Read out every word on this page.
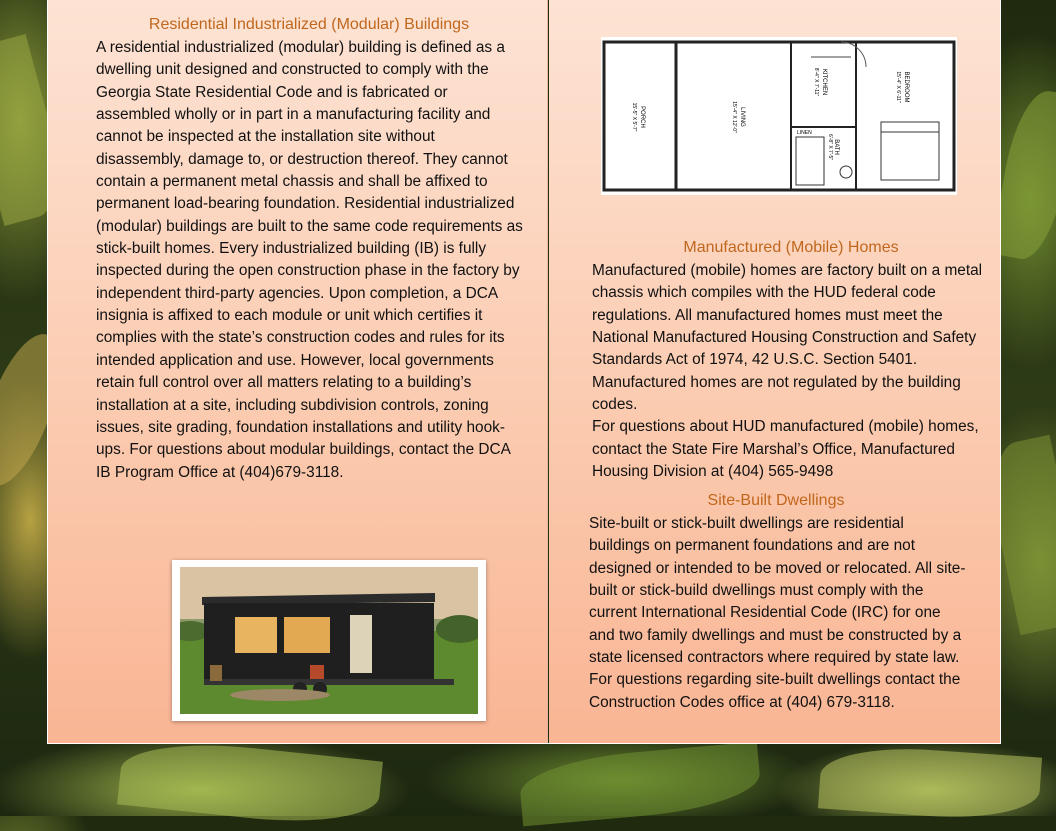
Residential Industrialized (Modular) Buildings

A residential industrialized (modular) building is defined as a dwelling unit designed and constructed to comply with the Georgia State Residential Code and is fabricated or assembled wholly or in part in a manufacturing facility and cannot be inspected at the installation site without disassembly, damage to, or destruction thereof. They cannot contain a permanent metal chassis and shall be affixed to permanent load-bearing foundation. Residential industrialized (modular) buildings are built to the same code requirements as stick-built homes. Every industrialized building (IB) is fully inspected during the open construction phase in the factory by independent third-party agencies. Upon completion, a DCA insignia is affixed to each module or unit which certifies it complies with the state’s construction codes and rules for its intended application and use. However, local governments retain full control over all matters relating to a building’s installation at a site, including subdivision controls, zoning issues, site grading, foundation installations and utility hook-ups. For questions about modular buildings, contact the DCA IB Program Office at (404)679-3118.

PORCH
15'-5" X 5'-7"	LIVING
15'-4" X 12'-0"
KITCHEN
8'-4" X 7'-11"
LINEN
BATH
6'-8" X 7'-5"
BEDROOM
15'-4" X 6'-11"
Manufactured (Mobile) Homes

Manufactured (mobile) homes are factory built on a metal chassis which compiles with the HUD federal code regulations. All manufactured homes must meet the National Manufactured Housing Construction and Safety Standards Act of 1974, 42 U.S.C. Section 5401. Manufactured homes are not regulated by the building codes.

For questions about HUD manufactured (mobile) homes, contact the State Fire Marshal’s Office, Manufactured Housing Division at (404) 565-9498

Site-Built Dwellings

Site-built or stick-built dwellings are residential buildings on permanent foundations and are not designed or intended to be moved or relocated. All site-built or stick-build dwellings must comply with the current International Residential Code (IRC) for one and two family dwellings and must be constructed by a state licensed contractors where required by state law. For questions regarding site-built dwellings contact the Construction Codes office at (404) 679-3118.
